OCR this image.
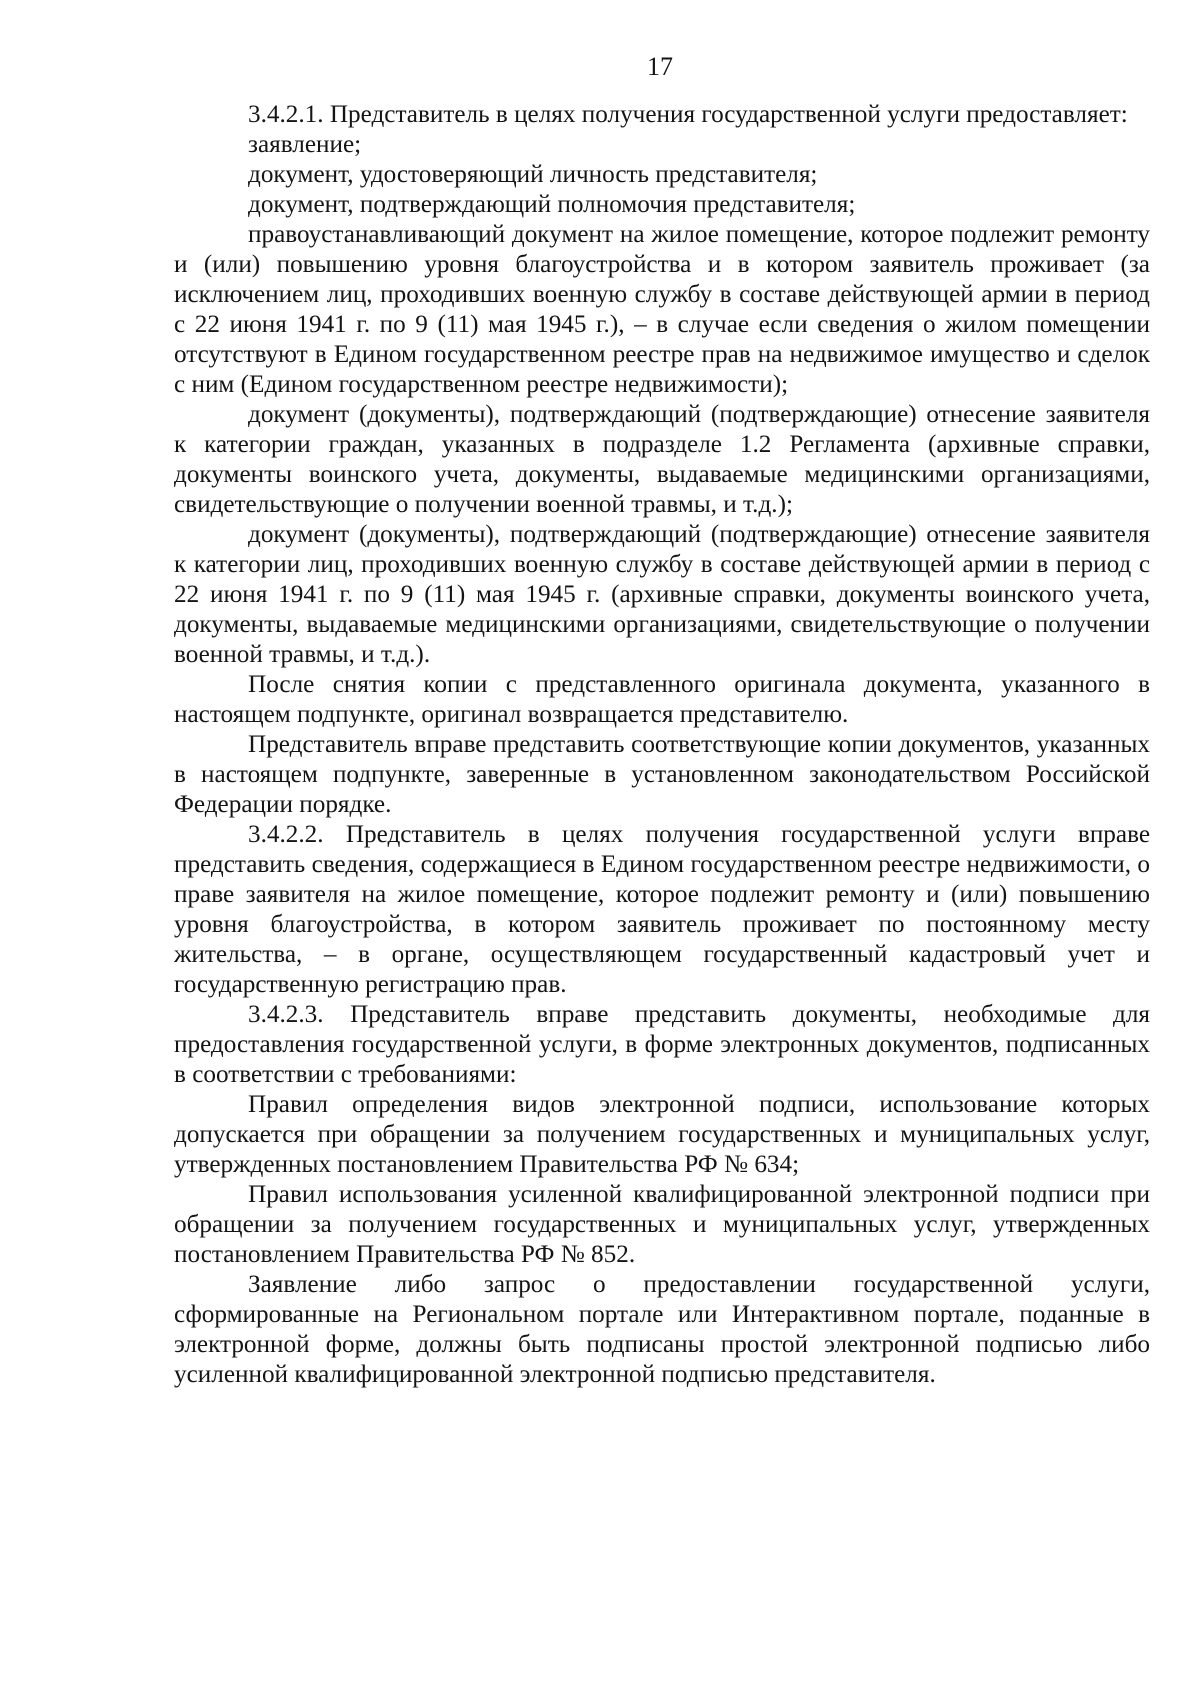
17

3.4.2.1. Представитель в целях получения государственной услуги предоставляет:

заявление;

документ, удостоверяющий личность представителя;

документ, подтверждающий полномочия представителя;

правоустанавливающий документ на жилое помещение, которое подлежит ремонту и (или) повышению уровня благоустройства и в котором заявитель проживает (за исключением лиц, проходивших военную службу в составе действующей армии в период с 22 июня 1941 г. по 9 (11) мая 1945 г.), – в случае если сведения о жилом помещении отсутствуют в Едином государственном реестре прав на недвижимое имущество и сделок с ним (Едином государственном реестре недвижимости);

документ (документы), подтверждающий (подтверждающие) отнесение заявителя к категории граждан, указанных в подразделе 1.2 Регламента (архивные справки, документы воинского учета, документы, выдаваемые медицинскими организациями, свидетельствующие о получении военной травмы, и т.д.);

документ (документы), подтверждающий (подтверждающие) отнесение заявителя к категории лиц, проходивших военную службу в составе действующей армии в период с 22 июня 1941 г. по 9 (11) мая 1945 г. (архивные справки, документы воинского учета, документы, выдаваемые медицинскими организациями, свидетельствующие о получении военной травмы, и т.д.).

После снятия копии с представленного оригинала документа, указанного в настоящем подпункте, оригинал возвращается представителю.

Представитель вправе представить соответствующие копии документов, указанных в настоящем подпункте, заверенные в установленном законодательством Российской Федерации порядке.

3.4.2.2. Представитель в целях получения государственной услуги вправе представить сведения, содержащиеся в Едином государственном реестре недвижимости, о праве заявителя на жилое помещение, которое подлежит ремонту и (или) повышению уровня благоустройства, в котором заявитель проживает по постоянному месту жительства, – в органе, осуществляющем государственный кадастровый учет и государственную регистрацию прав.

3.4.2.3. Представитель вправе представить документы, необходимые для предоставления государственной услуги, в форме электронных документов, подписанных в соответствии с требованиями:

Правил определения видов электронной подписи, использование которых допускается при обращении за получением государственных и муниципальных услуг, утвержденных постановлением Правительства РФ № 634;

Правил использования усиленной квалифицированной электронной подписи при обращении за получением государственных и муниципальных услуг, утвержденных постановлением Правительства РФ № 852.

Заявление либо запрос о предоставлении государственной услуги, сформированные на Региональном портале или Интерактивном портале, поданные в электронной форме, должны быть подписаны простой электронной подписью либо усиленной квалифицированной электронной подписью представителя.
